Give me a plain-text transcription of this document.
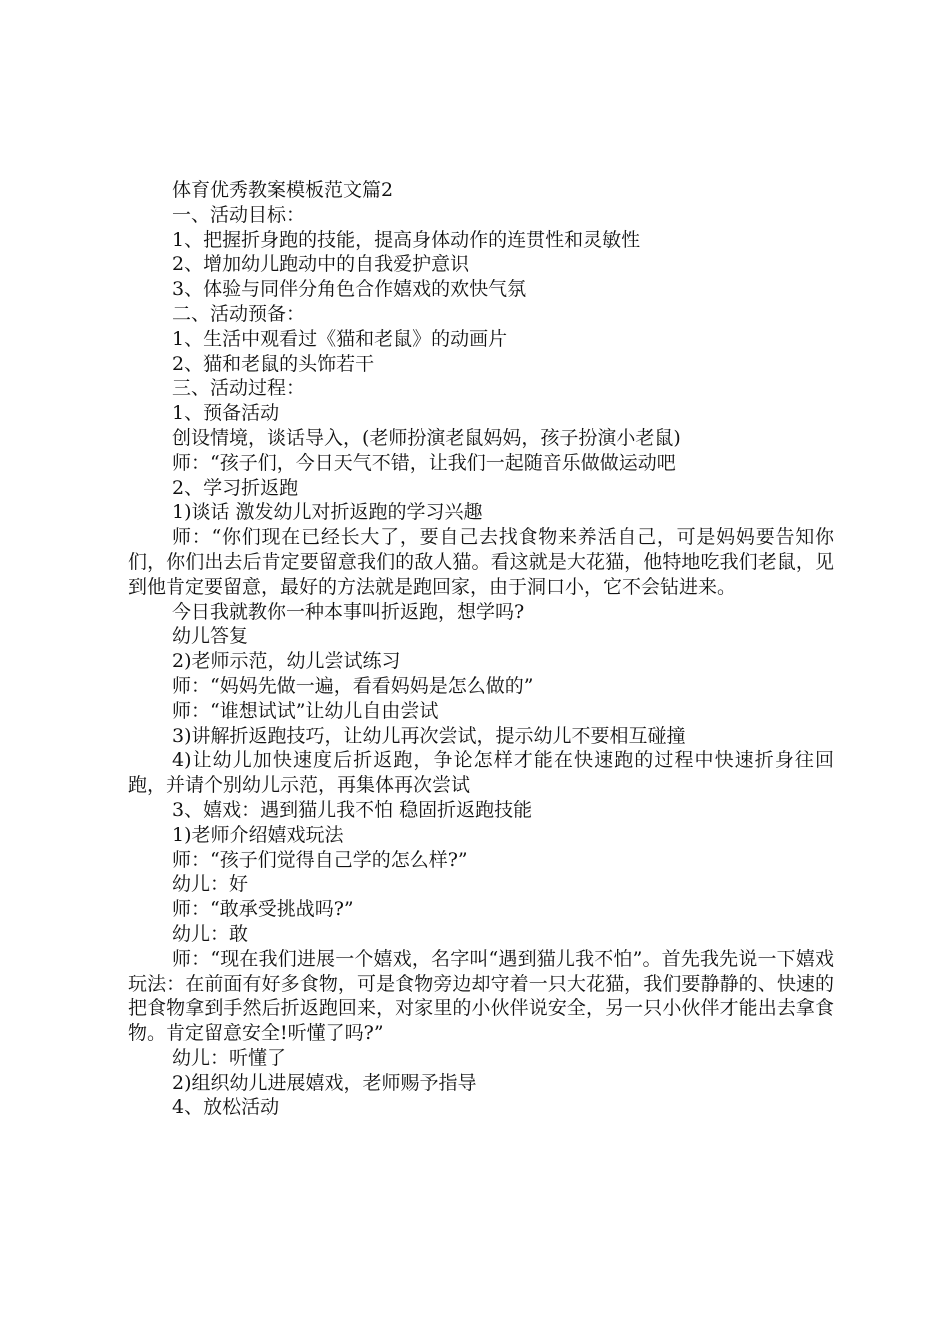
体育优秀教案模板范文篇2

一、活动目标：

1、把握折身跑的技能，提高身体动作的连贯性和灵敏性

2、增加幼儿跑动中的自我爱护意识

3、体验与同伴分角色合作嬉戏的欢快气氛

二、活动预备：

1、生活中观看过《猫和老鼠》的动画片

2、猫和老鼠的头饰若干

三、活动过程：

1、预备活动

创设情境，谈话导入，(老师扮演老鼠妈妈，孩子扮演小老鼠)

师：“孩子们，今日天气不错，让我们一起随音乐做做运动吧

2、学习折返跑

1)谈话 激发幼儿对折返跑的学习兴趣

师：“你们现在已经长大了，要自己去找食物来养活自己，可是妈妈要告知你们，你们出去后肯定要留意我们的敌人猫。看这就是大花猫，他特地吃我们老鼠，见到他肯定要留意，最好的方法就是跑回家，由于洞口小，它不会钻进来。

今日我就教你一种本事叫折返跑，想学吗?

幼儿答复

2)老师示范，幼儿尝试练习

师：“妈妈先做一遍，看看妈妈是怎么做的”

师：“谁想试试”让幼儿自由尝试

3)讲解折返跑技巧，让幼儿再次尝试，提示幼儿不要相互碰撞

4)让幼儿加快速度后折返跑，争论怎样才能在快速跑的过程中快速折身往回跑，并请个别幼儿示范，再集体再次尝试

3、嬉戏：遇到猫儿我不怕 稳固折返跑技能

1)老师介绍嬉戏玩法

师：“孩子们觉得自己学的怎么样?”

幼儿：好

师：“敢承受挑战吗?”

幼儿：敢

师：“现在我们进展一个嬉戏，名字叫“遇到猫儿我不怕”。首先我先说一下嬉戏玩法：在前面有好多食物，可是食物旁边却守着一只大花猫，我们要静静的、快速的把食物拿到手然后折返跑回来，对家里的小伙伴说安全，另一只小伙伴才能出去拿食物。肯定留意安全!听懂了吗?”

幼儿：听懂了

2)组织幼儿进展嬉戏，老师赐予指导

4、放松活动
